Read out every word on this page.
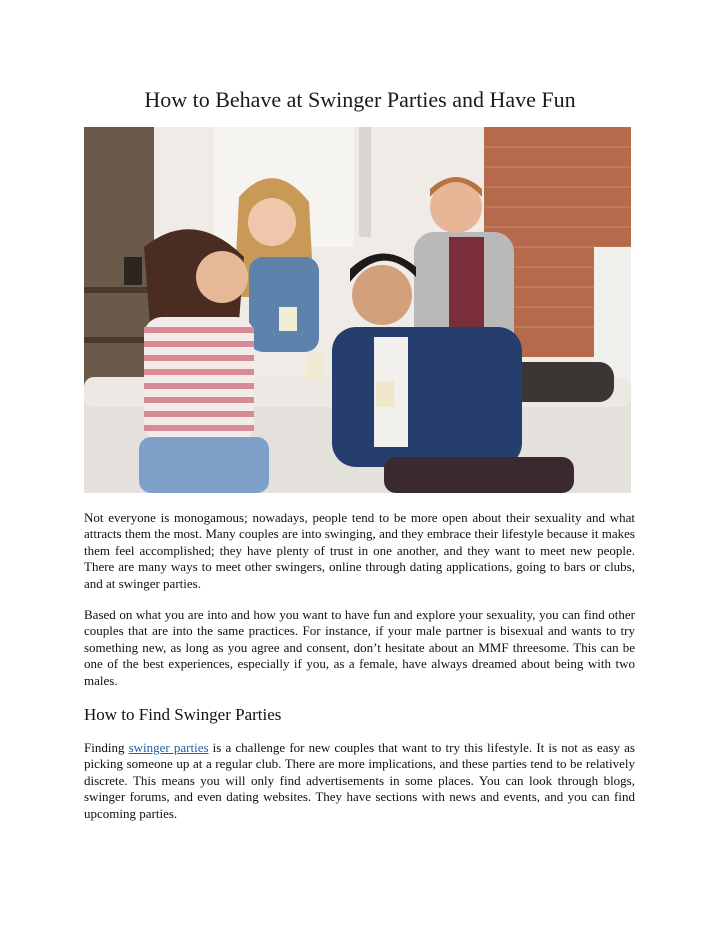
How to Behave at Swinger Parties and Have Fun

Not everyone is monogamous; nowadays, people tend to be more open about their sexuality and what attracts them the most. Many couples are into swinging, and they embrace their lifestyle because it makes them feel accomplished; they have plenty of trust in one another, and they want to meet new people. There are many ways to meet other swingers, online through dating applications, going to bars or clubs, and at swinger parties.

Based on what you are into and how you want to have fun and explore your sexuality, you can find other couples that are into the same practices. For instance, if your male partner is bisexual and wants to try something new, as long as you agree and consent, don’t hesitate about an MMF threesome. This can be one of the best experiences, especially if you, as a female, have always dreamed about being with two males.

How to Find Swinger Parties

Finding swinger parties is a challenge for new couples that want to try this lifestyle. It is not as easy as picking someone up at a regular club. There are more implications, and these parties tend to be relatively discrete. This means you will only find advertisements in some places. You can look through blogs, swinger forums, and even dating websites. They have sections with news and events, and you can find upcoming parties.
